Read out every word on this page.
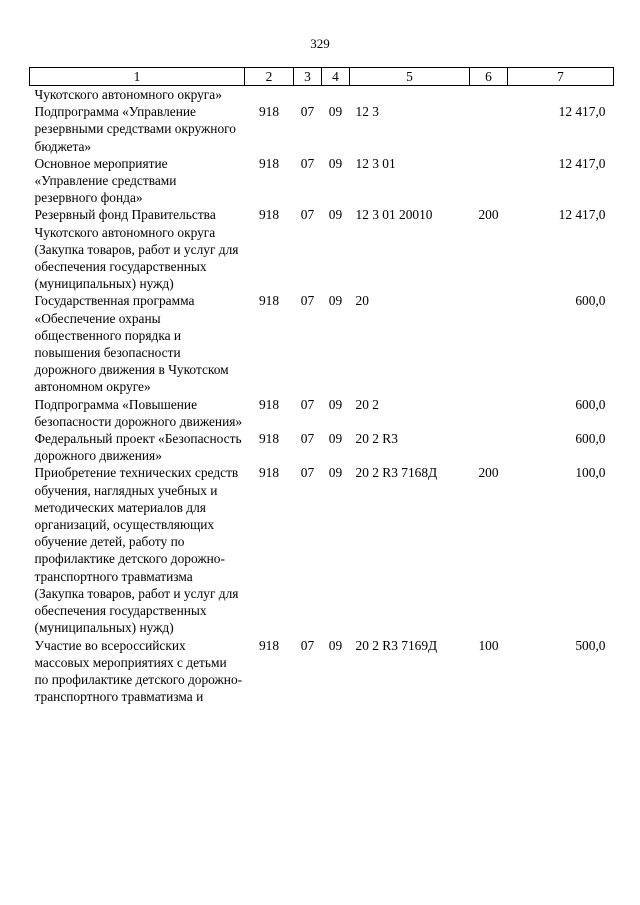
329
1	2	3	4	5	6	7
Чукотского автономного округа»						
Подпрограмма «Управление резервными средствами окружного бюджета»	918	07	09	12 3		12 417,0
Основное мероприятие «Управление средствами резервного фонда»	918	07	09	12 3 01		12 417,0
Резервный фонд Правительства Чукотского автономного округа (Закупка товаров, работ и услуг для обеспечения государственных (муниципальных) нужд)	918	07	09	12 3 01 20010	200	12 417,0
Государственная программа «Обеспечение охраны общественного порядка и повышения безопасности дорожного движения в Чукотском автономном округе»	918	07	09	20		600,0
Подпрограмма «Повышение безопасности дорожного движения»	918	07	09	20 2		600,0
Федеральный проект «Безопасность дорожного движения»	918	07	09	20 2 R3		600,0
Приобретение технических средств обучения, наглядных учебных и методических материалов для организаций, осуществляющих обучение детей, работу по профилактике детского дорожно-транспортного травматизма (Закупка товаров, работ и услуг для обеспечения государственных (муниципальных) нужд)	918	07	09	20 2 R3 7168Д	200	100,0
Участие во всероссийских массовых мероприятиях с детьми по профилактике детского дорожно-транспортного травматизма и	918	07	09	20 2 R3 7169Д	100	500,0
